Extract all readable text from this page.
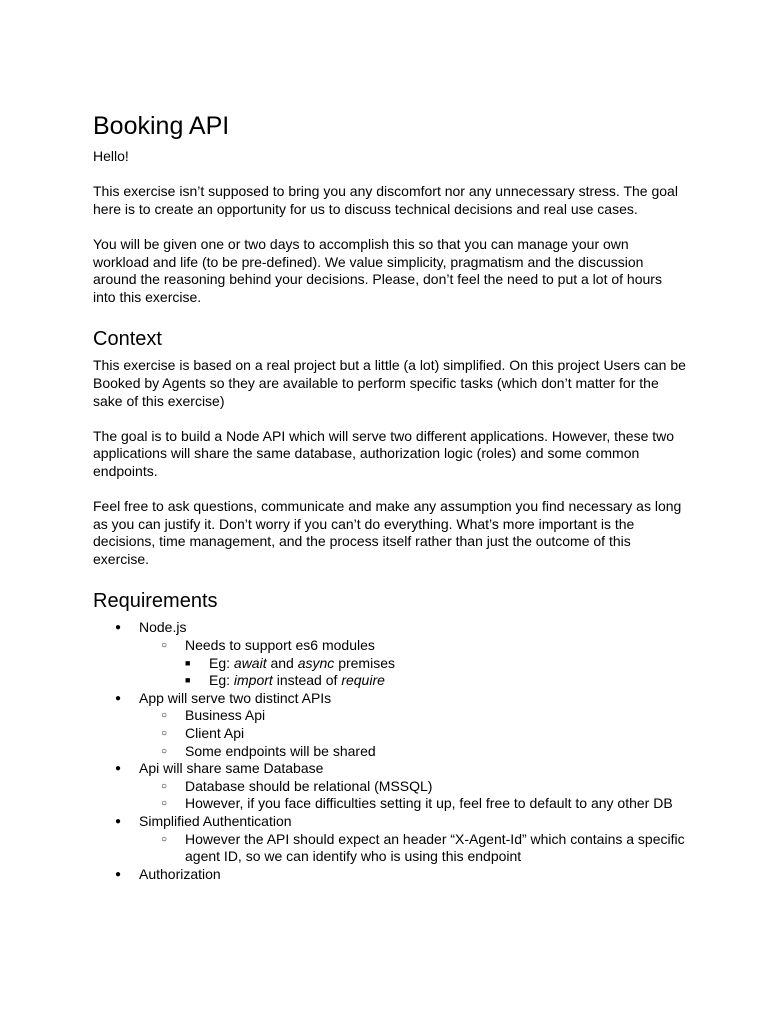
Booking API

Hello!

This exercise isn’t supposed to bring you any discomfort nor any unnecessary stress. The goal here is to create an opportunity for us to discuss technical decisions and real use cases.

You will be given one or two days to accomplish this so that you can manage your own workload and life (to be pre-defined). We value simplicity, pragmatism and the discussion around the reasoning behind your decisions. Please, don’t feel the need to put a lot of hours into this exercise.

Context

This exercise is based on a real project but a little (a lot) simplified. On this project Users can be Booked by Agents so they are available to perform specific tasks (which don’t matter for the sake of this exercise)

The goal is to build a Node API which will serve two different applications. However, these two applications will share the same database, authorization logic (roles) and some common endpoints.

Feel free to ask questions, communicate and make any assumption you find necessary as long as you can justify it. Don’t worry if you can’t do everything. What’s more important is the decisions, time management, and the process itself rather than just the outcome of this exercise.

Requirements
● Node.js
○ Needs to support es6 modules
■ Eg: await and async premises
■ Eg: import instead of require
● App will serve two distinct APIs
○ Business Api
○ Client Api
○ Some endpoints will be shared
● Api will share same Database
○ Database should be relational (MSSQL)
○ However, if you face difficulties setting it up, feel free to default to any other DB
● Simplified Authentication
○ However the API should expect an header “X-Agent-Id” which contains a specific agent ID, so we can identify who is using this endpoint
● Authorization
